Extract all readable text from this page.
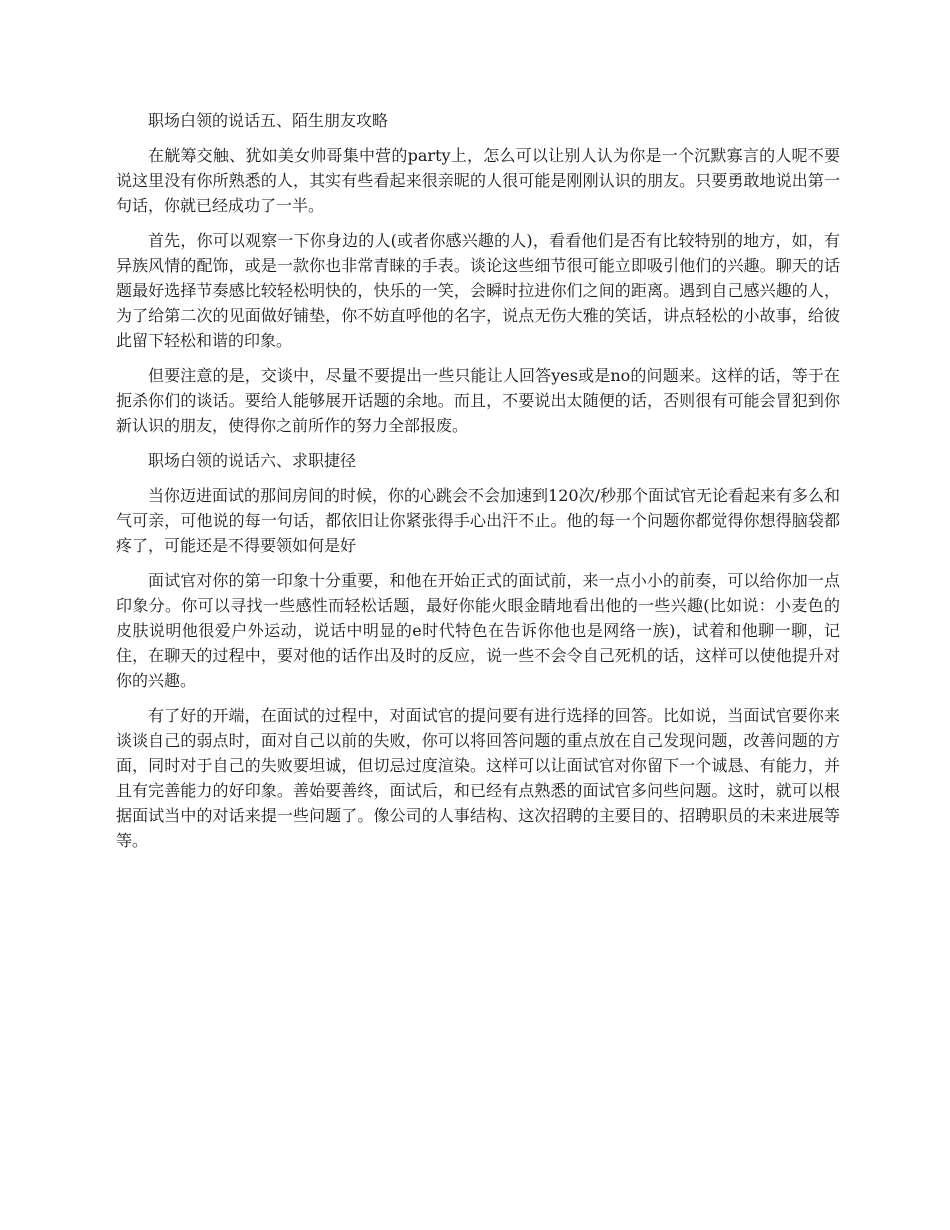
职场白领的说话五、陌生朋友攻略

在觥筹交触、犹如美女帅哥集中营的party上，怎么可以让别人认为你是一个沉默寡言的人呢不要说这里没有你所熟悉的人，其实有些看起来很亲昵的人很可能是刚刚认识的朋友。只要勇敢地说出第一句话，你就已经成功了一半。

首先，你可以观察一下你身边的人(或者你感兴趣的人)，看看他们是否有比较特别的地方，如，有异族风情的配饰，或是一款你也非常青睐的手表。谈论这些细节很可能立即吸引他们的兴趣。聊天的话题最好选择节奏感比较轻松明快的，快乐的一笑，会瞬时拉进你们之间的距离。遇到自己感兴趣的人，为了给第二次的见面做好铺垫，你不妨直呼他的名字，说点无伤大雅的笑话，讲点轻松的小故事，给彼此留下轻松和谐的印象。

但要注意的是，交谈中，尽量不要提出一些只能让人回答yes或是no的问题来。这样的话，等于在扼杀你们的谈话。要给人能够展开话题的余地。而且，不要说出太随便的话，否则很有可能会冒犯到你新认识的朋友，使得你之前所作的努力全部报废。

职场白领的说话六、求职捷径

当你迈进面试的那间房间的时候，你的心跳会不会加速到120次/秒那个面试官无论看起来有多么和气可亲，可他说的每一句话，都依旧让你紧张得手心出汗不止。他的每一个问题你都觉得你想得脑袋都疼了，可能还是不得要领如何是好

面试官对你的第一印象十分重要，和他在开始正式的面试前，来一点小小的前奏，可以给你加一点印象分。你可以寻找一些感性而轻松话题，最好你能火眼金睛地看出他的一些兴趣(比如说：小麦色的皮肤说明他很爱户外运动，说话中明显的e时代特色在告诉你他也是网络一族)，试着和他聊一聊，记住，在聊天的过程中，要对他的话作出及时的反应，说一些不会令自己死机的话，这样可以使他提升对你的兴趣。

有了好的开端，在面试的过程中，对面试官的提问要有进行选择的回答。比如说，当面试官要你来谈谈自己的弱点时，面对自己以前的失败，你可以将回答问题的重点放在自己发现问题，改善问题的方面，同时对于自己的失败要坦诚，但切忌过度渲染。这样可以让面试官对你留下一个诚恳、有能力，并且有完善能力的好印象。善始要善终，面试后，和已经有点熟悉的面试官多问些问题。这时，就可以根据面试当中的对话来提一些问题了。像公司的人事结构、这次招聘的主要目的、招聘职员的未来进展等等。
